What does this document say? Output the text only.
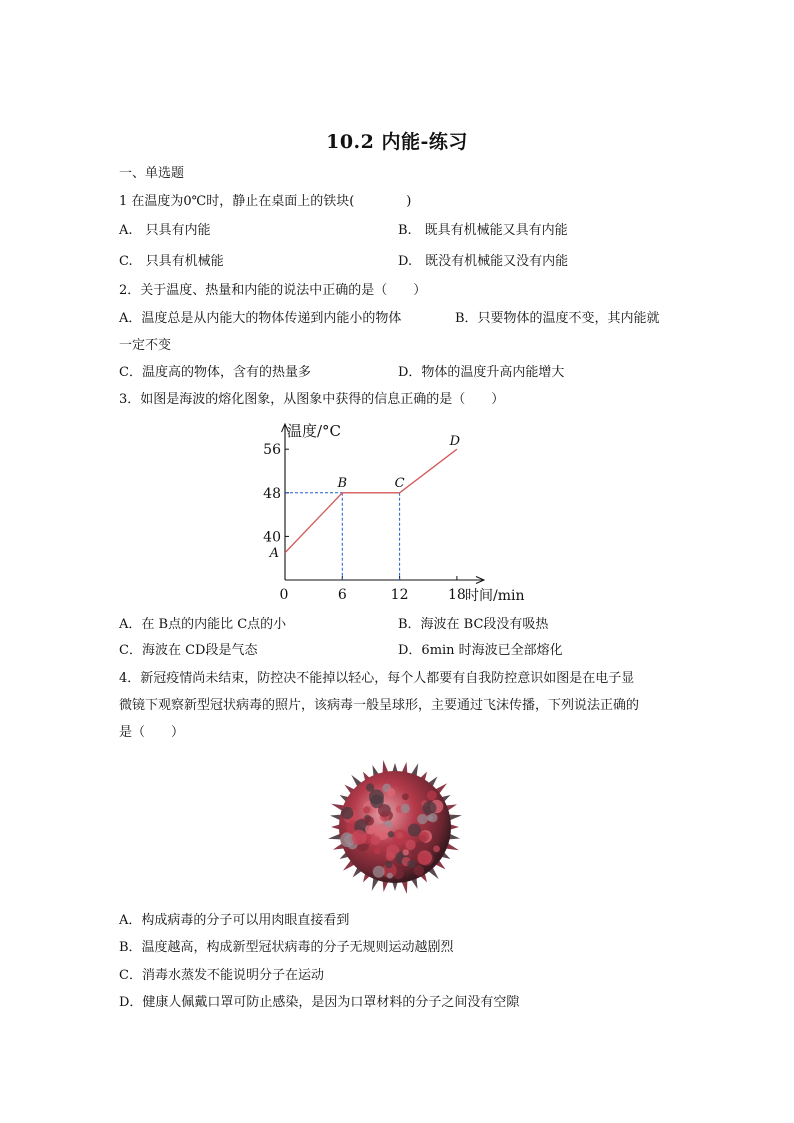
10.2 内能-练习
一、单选题
1 在温度为0℃时，静止在桌面上的铁块(　　　　)
A.　只具有内能	B.　既具有机械能又具有内能
C.　只具有机械能	D.　既没有机械能又没有内能
2．关于温度、热量和内能的说法中正确的是（　　）
A．温度总是从内能大的物体传递到内能小的物体	B．只要物体的温度不变，其内能就
一定不变
C．温度高的物体，含有的热量多	D．物体的温度升高内能增大
3．如图是海波的熔化图象，从图象中获得的信息正确的是（　　）
温度/°C
时间/min
40
48
56
0	6	12	18
A
B	C
D
A．在 B点的内能比 C点的小	B．海波在 BC段没有吸热
C．海波在 CD段是气态	D．6min 时海波已全部熔化
4．新冠疫情尚未结束，防控决不能掉以轻心，每个人都要有自我防控意识如图是在电子显
微镜下观察新型冠状病毒的照片，该病毒一般呈球形，主要通过飞沫传播，下列说法正确的
是（　　）
A．构成病毒的分子可以用肉眼直接看到
B．温度越高，构成新型冠状病毒的分子无规则运动越剧烈
C．消毒水蒸发不能说明分子在运动
D．健康人佩戴口罩可防止感染，是因为口罩材料的分子之间没有空隙
